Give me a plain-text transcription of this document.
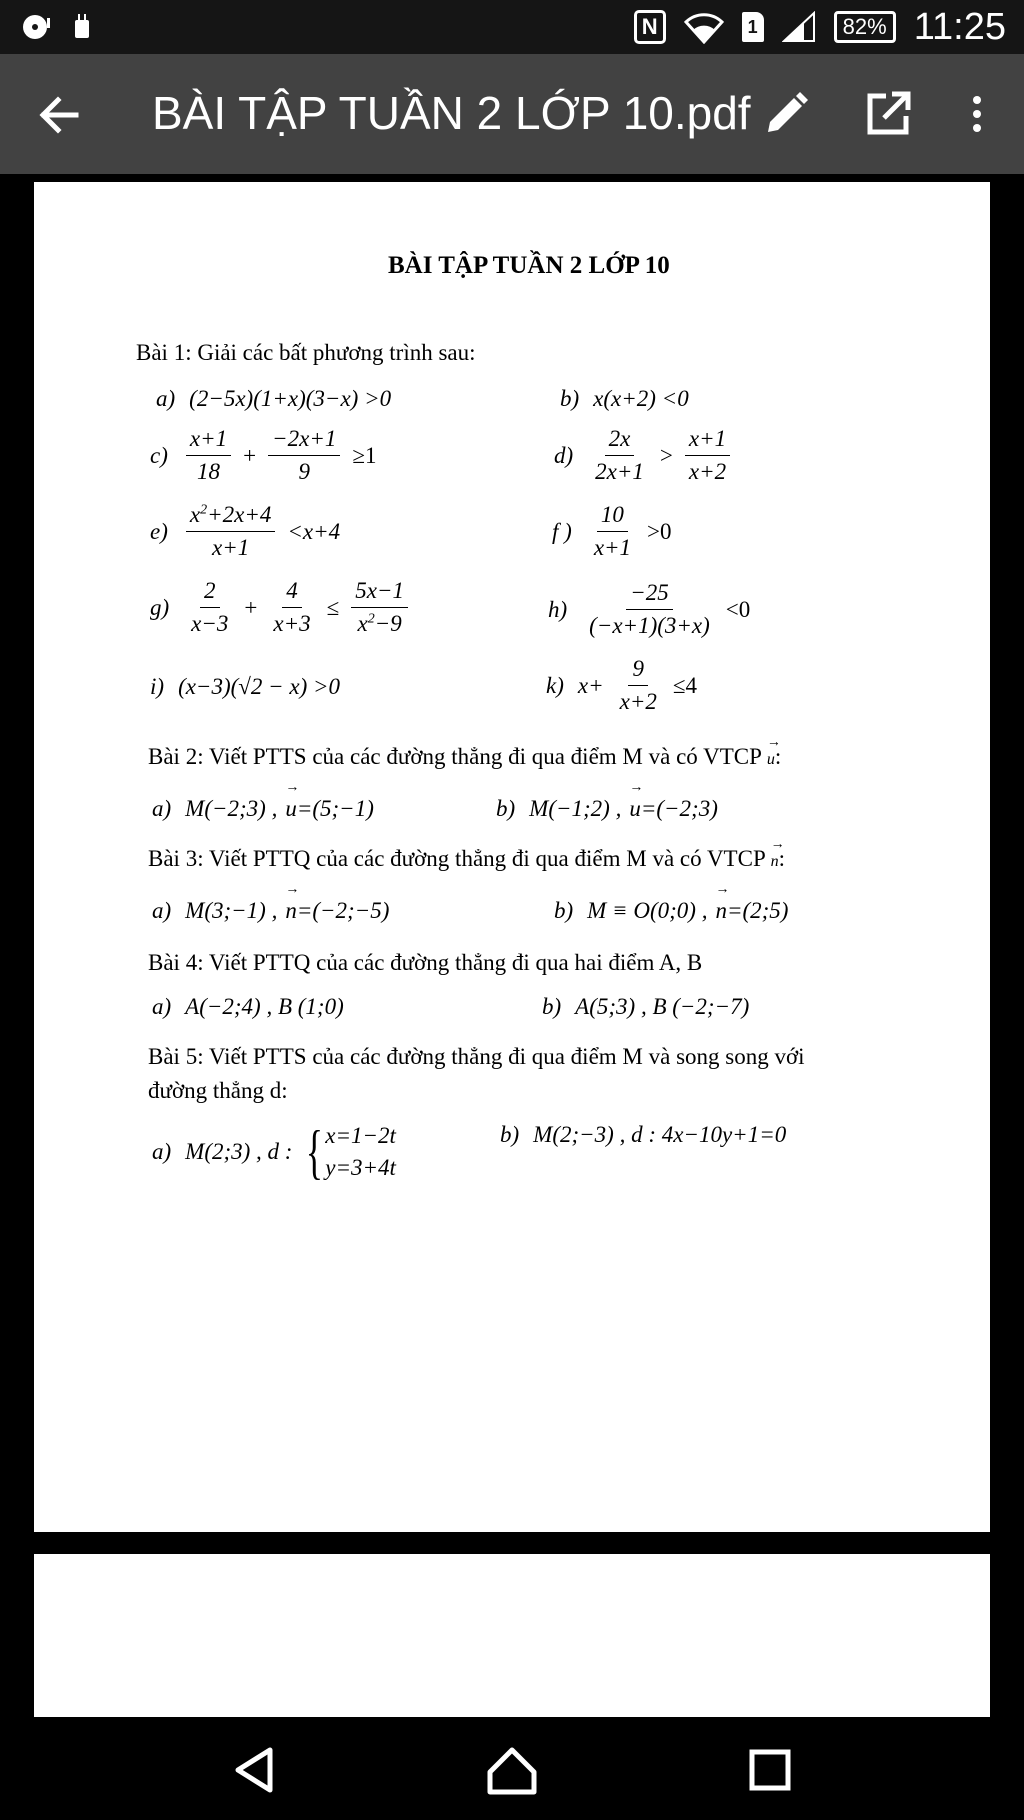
N	1	82% 11:25
BÀI TẬP TUẦN 2 LỚP 10.pdf
BÀI TẬP TUẦN 2 LỚP 10
Bài 1: Giải các bất phương trình sau:
a) (2−5x)(1+x)(3−x) >0	b) x(x+2) <0
$c) \frac{x+1}{18} + \frac{-2x+1}{9} \ge 1$	$d) \frac{2x}{2x+1} > \frac{x+1}{x+2}$
$e) \frac{x^2+2x+4}{x+1} <x+4$	f ) $\frac{10}{x+1} >0$
$g) \frac{2}{x-3} + \frac{4}{x+3} \le \frac{5x-1}{x^2-9}$	$h) \frac{-25}{(-x+1)(3+x)} <0$
i) (x−3)(√2 − x) >0	k) $x+ \frac{9}{x+2} \le 4$
Bài 2: Viết PTTS của các đường thẳng đi qua điểm M và có VTCP → u:
a) M(−2;3) , → u =(5;−1)	b) M(−1;2) , → u =(−2;3)
Bài 3: Viết PTTQ của các đường thẳng đi qua điểm M và có VTCP → n:
a) M(3;−1) , → n =(−2;−5)	b) M ≡ O(0;0) , → n =(2;5)
Bài 4: Viết PTTQ của các đường thẳng đi qua hai điểm A, B
a) A(−2;4) , B (1;0)	b) A(5;3) , B (−2;−7)
Bài 5: Viết PTTS của các đường thẳng đi qua điểm M và song song với
đường thẳng d:
a) M(2;3) , d : { x=1−2t
y=3+4t
b) M(2;−3) , d : 4x−10y+1=0
